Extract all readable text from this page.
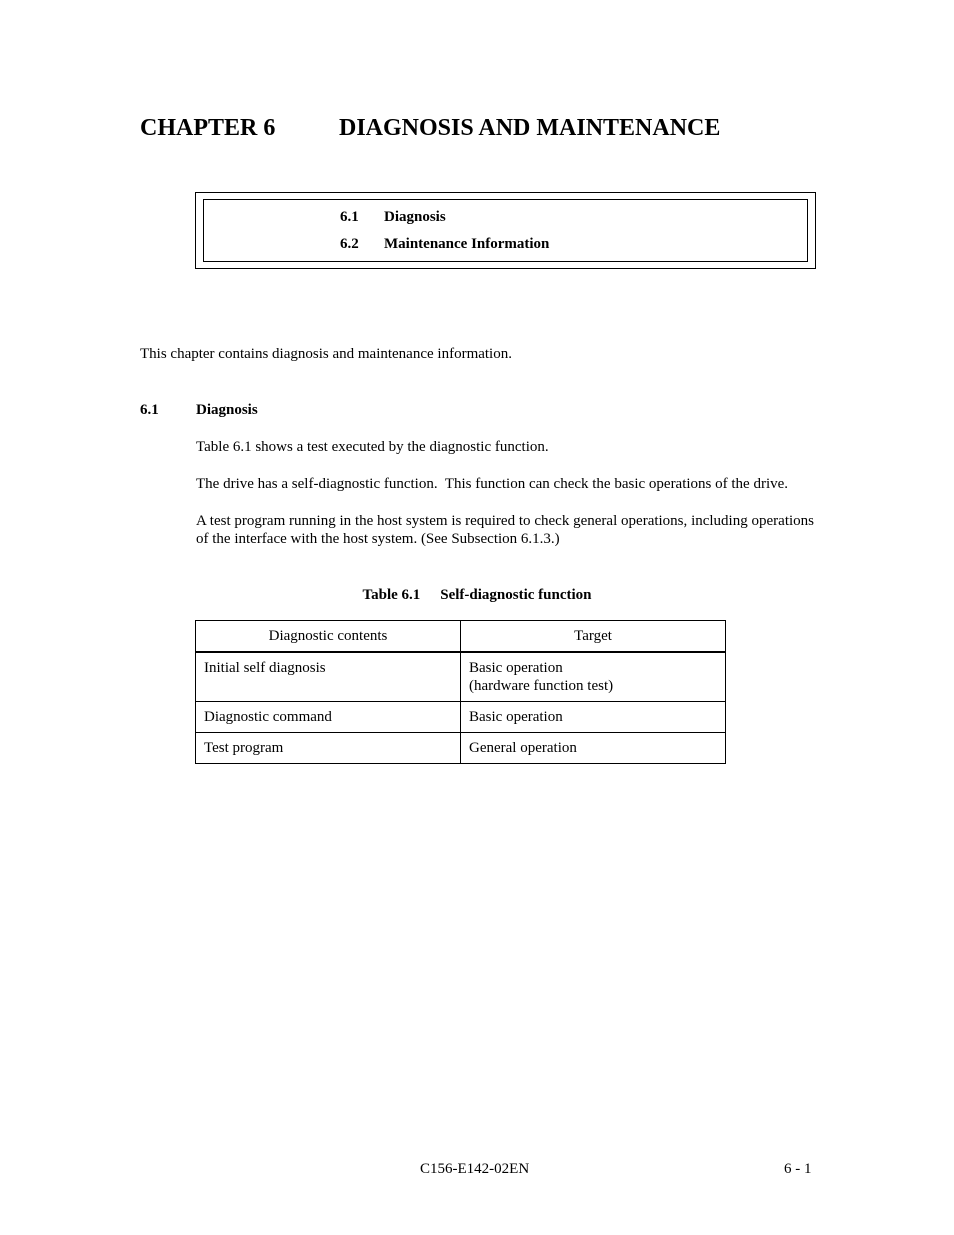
CHAPTER 6	DIAGNOSIS AND MAINTENANCE
6.1 Diagnosis
6.2 Maintenance Information
This chapter contains diagnosis and maintenance information.
6.1 Diagnosis
Table 6.1 shows a test executed by the diagnostic function.
The drive has a self-diagnostic function.  This function can check the basic operations of the drive.
A test program running in the host system is required to check general operations, including operations of the interface with the host system. (See Subsection 6.1.3.)
Table 6.1 Self-diagnostic function
Diagnostic contents	Target
Initial self diagnosis	Basic operation
(hardware function test)

Diagnostic command	Basic operation

Test program	General operation
C156-E142-02EN	6 - 1
